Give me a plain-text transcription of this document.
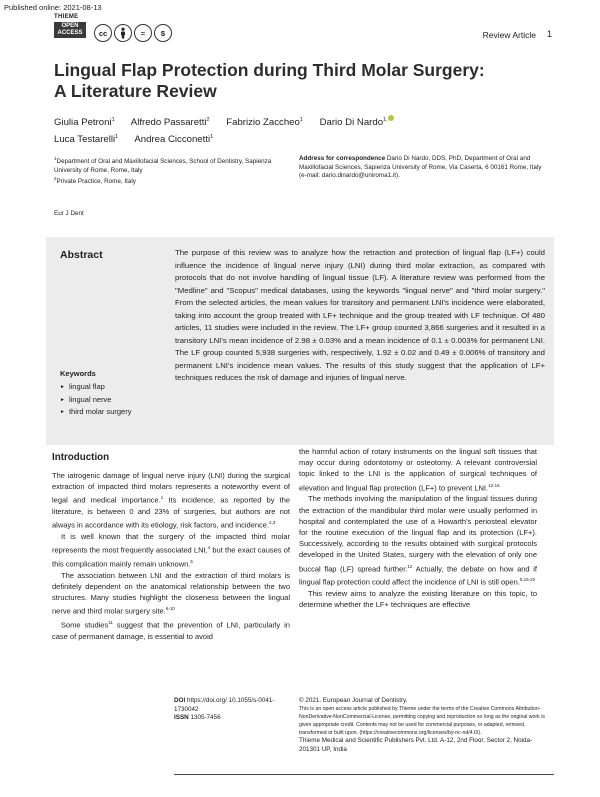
Published online: 2021-08-13
THIEME
OPEN ACCESS	cc	=	$	Review Article 1
Lingual Flap Protection during Third Molar Surgery:
A Literature Review
Giulia Petroni$^1$ Alfredo Passaretti$^2$ Fabrizio Zaccheo$^1$ Dario Di Nardo$^{1,}$
Luca Testarelli$^1$ Andrea Cicconetti$^1$
$^1$Department of Oral and Maxillofacial Sciences, School of Dentistry, Sapienza University of Rome, Rome, Italy
$^2$Private Practice, Rome, Italy
Address for correspondence Dario Di Nardo, DDS, PhD, Department of Oral and Maxillofacial Sciences, Sapienza University of Rome, Via Caserta, 6 00161 Rome, Italy (e-mail: dario.dinardo@uniroma1.it).
Eur J Dent
Abstract	The purpose of this review was to analyze how the retraction and protection of lingual flap (LF+) could influence the incidence of lingual nerve injury (LNI) during third molar extraction, as compared with protocols that do not involve handling of lingual tissue (LF). A literature review was performed from the "Medline" and "Scopus" medical databases, using the keywords "lingual nerve" and "third molar surgery." From the selected articles, the mean values for transitory and permanent LNI's incidence were elaborated, taking into account the group treated with LF+ technique and the group treated with LF technique. Of 480 articles, 11 studies were included in the review. The LF+ group counted 3,866 surgeries and it resulted in a transitory LNI's mean incidence of 2.98 ± 0.03% and a mean incidence of 0.1 ± 0.003% for permanent LNI. The LF group counted 5,938 surgeries with, respectively, 1.92 ± 0.02 and 0.49 ± 0.006% of transitory and permanent LNI's incidence mean values. The results of this study suggest that the application of LF+ techniques reduces the risk of damage and injuries of lingual nerve.
Keywords
► lingual flap
► lingual nerve
► third molar surgery
Introduction

The iatrogenic damage of lingual nerve injury (LNI) during the surgical extraction of impacted third molars represents a noteworthy event of legal and medical importance.$^1$ Its incidence, as reported by the literature, is between 0 and 23% of surgeries, but authors are not always in accordance with its etiology, risk factors, and incidence.$^{2,3}$

It is well known that the surgery of the impacted third molar represents the most frequently associated LNI,$^4$ but the exact causes of this complication mainly remain unknown.$^5$

The association between LNI and the extraction of third molars is definitely dependent on the anatomical relationship between the two structures. Many studies highlight the closeness between the lingual nerve and third molar surgery site.$^{6-10}$

Some studies$^{11}$ suggest that the prevention of LNI, particularly in case of permanent damage, is essential to avoid

the harmful action of rotary instruments on the lingual soft tissues that may occur during odontotomy or osteotomy. A relevant controversial topic linked to the LNI is the application of surgical techniques of elevation and lingual flap protection (LF+) to prevent LNI.$^{12-15}$

The methods involving the manipulation of the lingual tissues during the extraction of the mandibular third molar were usually performed in hospital and contemplated the use of a Howarth's periosteal elevator for the routine execution of the lingual flap and its protection (LF+). Successively, according to the results obtained with surgical protocols developed in the United States, surgery with the elevation of only one buccal flap (LF) spread further.$^{12}$ Actually, the debate on how and if lingual flap protection could affect the incidence of LNI is still open.$^{5,16-22}$

This review aims to analyze the existing literature on this topic, to determine whether the LF+ techniques are effective

DOI https://doi.org/ 10.1055/s-0041-1730042
ISSN 1305-7456
© 2021. European Journal of Dentistry.
This is an open access article published by Thieme under the terms of the Creative Commons Attribution-NonDerivative-NonCommercial-License, permitting copying and reproduction so long as the original work is given appropriate credit. Contents may not be used for commercial purposes, or adapted, remixed, transformed or built upon. (https://creativecommons.org/licenses/by-nc-nd/4.0/).
Thieme Medical and Scientific Publishers Pvt. Ltd. A-12, 2nd Floor, Sector 2, Noida-201301 UP, India
